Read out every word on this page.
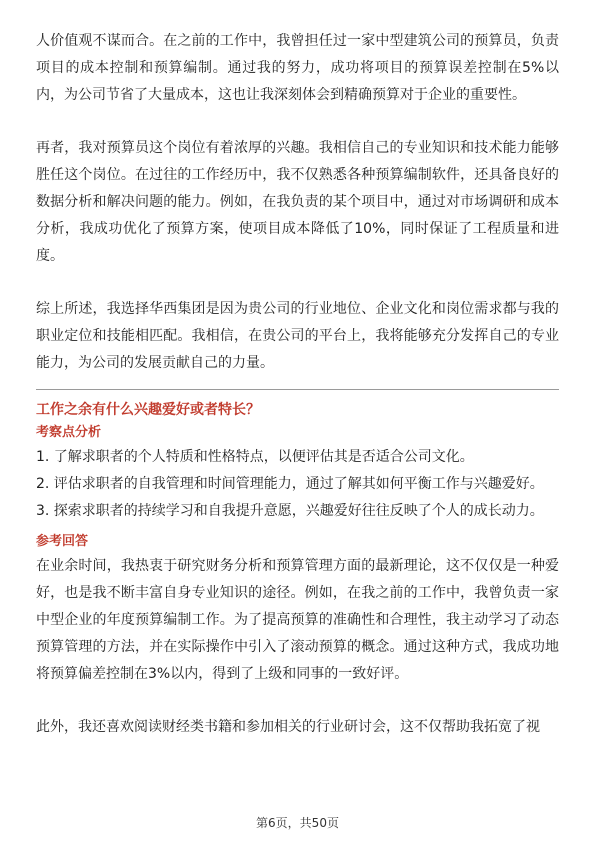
人价值观不谋而合。在之前的工作中，我曾担任过一家中型建筑公司的预算员，负责项目的成本控制和预算编制。通过我的努力，成功将项目的预算误差控制在5%以内，为公司节省了大量成本，这也让我深刻体会到精确预算对于企业的重要性。

再者，我对预算员这个岗位有着浓厚的兴趣。我相信自己的专业知识和技术能力能够胜任这个岗位。在过往的工作经历中，我不仅熟悉各种预算编制软件，还具备良好的数据分析和解决问题的能力。例如，在我负责的某个项目中，通过对市场调研和成本分析，我成功优化了预算方案，使项目成本降低了10%，同时保证了工程质量和进度。

综上所述，我选择华西集团是因为贵公司的行业地位、企业文化和岗位需求都与我的职业定位和技能相匹配。我相信，在贵公司的平台上，我将能够充分发挥自己的专业能力，为公司的发展贡献自己的力量。

工作之余有什么兴趣爱好或者特长？

考察点分析

1. 了解求职者的个人特质和性格特点，以便评估其是否适合公司文化。

2. 评估求职者的自我管理和时间管理能力，通过了解其如何平衡工作与兴趣爱好。

3. 探索求职者的持续学习和自我提升意愿，兴趣爱好往往反映了个人的成长动力。

参考回答

在业余时间，我热衷于研究财务分析和预算管理方面的最新理论，这不仅仅是一种爱好，也是我不断丰富自身专业知识的途径。例如，在我之前的工作中，我曾负责一家中型企业的年度预算编制工作。为了提高预算的准确性和合理性，我主动学习了动态预算管理的方法，并在实际操作中引入了滚动预算的概念。通过这种方式，我成功地将预算偏差控制在3%以内，得到了上级和同事的一致好评。

此外，我还喜欢阅读财经类书籍和参加相关的行业研讨会，这不仅帮助我拓宽了视

第6页，共50页
